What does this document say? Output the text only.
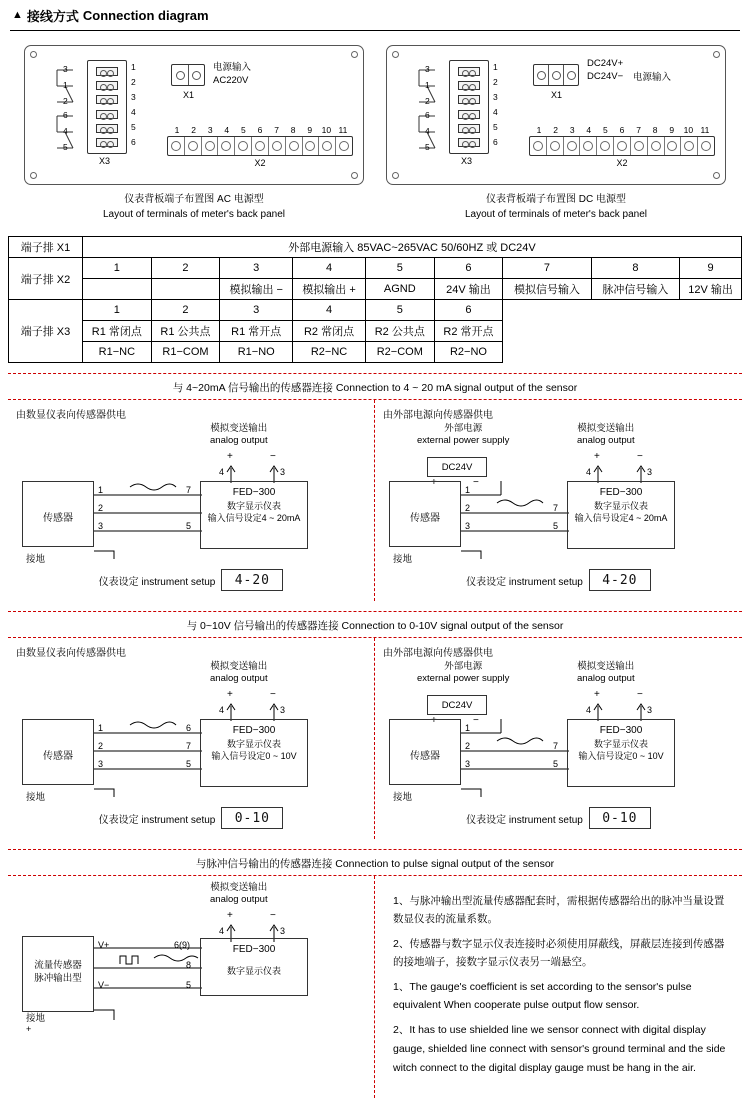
▲ 接线方式 Connection diagram
3
1
2
6
4
5
1
2
3
4
5
6
X3
电源输入
AC220V
X1
1	2	3	4	5	6	7	8	9	10 11
X2
仪表背板端子布置图 AC 电源型
Layout of terminals of meter's back panel
3
1
2
6
4
5
1
2
3
4
5
6
X3
DC24V+
DC24V− 电源输入
X1
1	2	3	4	5	6	7	8	9	10 11
X2
仪表背板端子布置图 DC 电源型
Layout of terminals of meter's back panel
端子排 X1	外部电源输入 85VAC~265VAC 50/60HZ 或 DC24V								
端子排 X2	1	2	3	4	5	6	7	8	9
			模拟输出 −	模拟输出 +	AGND	24V 输出	模拟信号输入	脉冲信号输入	12V 输出
端子排 X3	1	2	3	4	5	6			
	R1 常闭点	R1 公共点	R1 常开点	R2 常闭点	R2 公共点	R2 常开点			
	R1−NC	R1−COM	R1−NO	R2−NC	R2−COM	R2−NO			
与 4~20mA 信号输出的传感器连接 Connection to 4 ~ 20 mA signal output of the sensor
由数显仪表向传感器供电
模拟变送输出
analog output
+	−
4	3
传感器
接地
1
2
3
7
5
FED−300
数字显示仪表
输入信号设定4 ~ 20mA
仪表设定 instrument setup 4-20
由外部电源向传感器供电
外部电源
external power supply
DC24V
+	−
模拟变送输出
analog output
+	−
4	3
传感器
接地
1
2
3
7
5
FED−300
数字显示仪表
输入信号设定4 ~ 20mA
仪表设定 instrument setup 4-20
与 0~10V 信号输出的传感器连接 Connection to 0-10V signal output of the sensor
由数显仪表向传感器供电
模拟变送输出
analog output
+	−
4	3
传感器
接地
1
2
3
6
7
5
FED−300
数字显示仪表
输入信号设定0 ~ 10V
仪表设定 instrument setup 0-10
由外部电源向传感器供电
外部电源
external power supply
DC24V
+	−
模拟变送输出
analog output
+	−
4	3
传感器
接地
1
2
3
7
5
FED−300
数字显示仪表
输入信号设定0 ~ 10V
仪表设定 instrument setup 0-10
与脉冲信号输出的传感器连接 Connection to pulse signal output of the sensor
模拟变送输出
analog output
+	−
4	3
流量传感器
脉冲输出型
接地
+
V+
V−
6(9)
8
5
FED−300
数字显示仪表

1、与脉冲输出型流量传感器配套时，需根据传感器给出的脉冲当量设置数显仪表的流量系数。

2、传感器与数字显示仪表连接时必须使用屏蔽线，屏蔽层连接到传感器的接地端子，接数字显示仪表另一端悬空。

1、The gauge's coefficient is set according to the sensor's pulse equivalent When cooperate pulse output flow sensor.

2、It has to use shielded line we sensor connect with digital display gauge, shielded line connect with sensor's ground terminal and the side witch connect to the digital display gauge must be hang in the air.
